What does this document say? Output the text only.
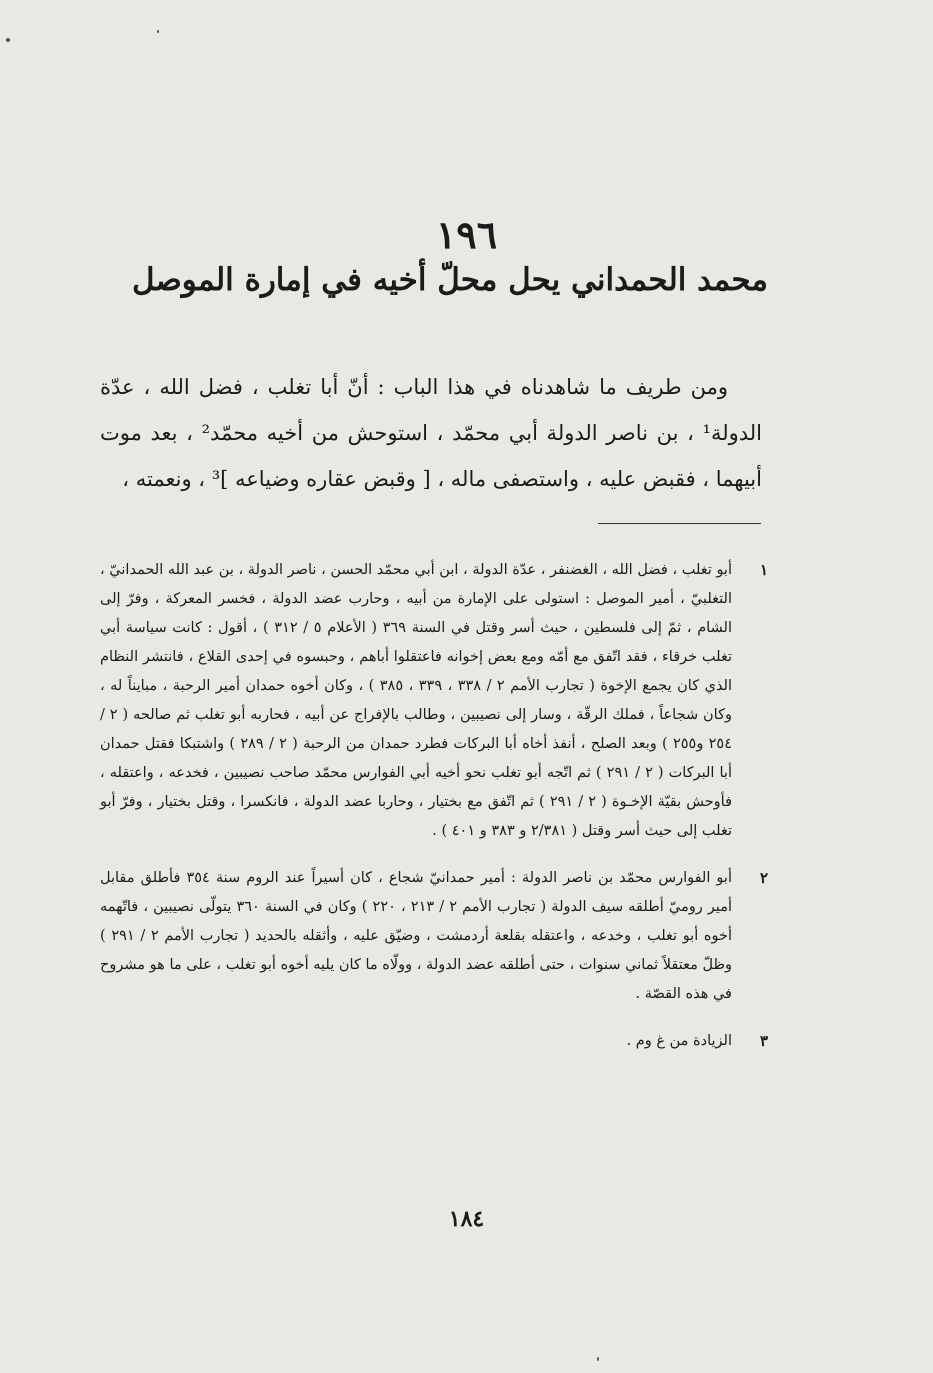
١٩٦
محمد الحمداني يحل محلّ أخيه في إمارة الموصل

ومن طريف ما شاهدناه في هذا الباب : أنّ أبا تغلب ، فضل الله ، عدّة الدولة¹ ، بن ناصر الدولة أبي محمّد ، استوحش من أخيه محمّد² ، بعد موت أبيهما ، فقبض عليه ، واستصفى ماله ، [ وقبض عقاره وضياعه ]³ ، ونعمته ،

١
أبو تغلب ، فضل الله ، الغضنفر ، عدّة الدولة ، ابن أبي محمّد الحسن ، ناصر الدولة ، بن عبد الله الحمدانيّ ، التغلبيّ ، أمير الموصل : استولى على الإمارة من أبيه ، وحارب عضد الدولة ، فخسر المعركة ، وفرّ إلى الشام ، ثمّ إلى فلسطين ، حيث أسر وقتل في السنة ٣٦٩ ( الأعلام ٥ / ٣١٢ ) ، أقول : كانت سياسة أبي تغلب خرقاء ، فقد اتّفق مع أمّه ومع بعض إخوانه فاعتقلوا أباهم ، وحبسوه في إحدى القلاع ، فانتشر النظام الذي كان يجمع الإخوة ( تجارب الأمم ٢ / ٣٣٨ ، ٣٣٩ ، ٣٨٥ ) ، وكان أخوه حمدان أمير الرحبة ، مبايناً له ، وكان شجاعاً ، فملك الرقّة ، وسار إلى نصيبين ، وطالب بالإفراج عن أبيه ، فحاربه أبو تغلب ثم صالحه ( ٢ / ٢٥٤ و٢٥٥ ) وبعد الصلح ، أنفذ أخاه أبا البركات فطرد حمدان من الرحبة ( ٢ / ٢٨٩ ) واشتبكا فقتل حمدان أبا البركات ( ٢ / ٢٩١ ) ثم اتّجه أبو تغلب نحو أخيه أبي الفوارس محمّد صاحب نصيبين ، فخدعه ، واعتقله ، فأوحش بقيّة الإخـوة ( ٢ / ٢٩١ ) ثم اتّفق مع بختيار ، وحاربا عضد الدولة ، فانكسرا ، وقتل بختيار ، وفرّ أبو تغلب إلى حيث أسر وقتل ( ٢/٣٨١ و ٣٨٣ و ٤٠١ ) .
٢
أبو الفوارس محمّد بن ناصر الدولة : أمير حمدانيّ شجاع ، كان أسيراً عند الروم سنة ٣٥٤ فأطلق مقابل أمير روميّ أطلقه سيف الدولة ( تجارب الأمم ٢ / ٢١٣ ، ٢٢٠ ) وكان في السنة ٣٦٠ يتولّى نصيبين ، فاتّهمه أخوه أبو تغلب ، وخدعه ، واعتقله بقلعة أردمشت ، وضيّق عليه ، وأثقله بالحديد ( تجارب الأمم ٢ / ٢٩١ ) وظلّ معتقلاً ثماني سنوات ، حتى أطلقه عضد الدولة ، وولّاه ما كان يليه أخوه أبو تغلب ، على ما هو مشروح في هذه القصّة .
٣
الزيادة من غ وم .
١٨٤
